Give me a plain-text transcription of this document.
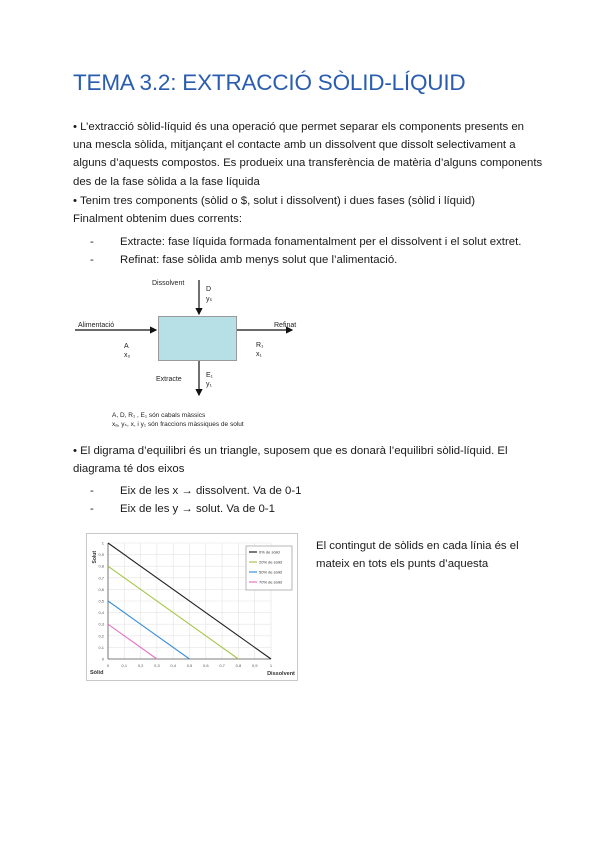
TEMA 3.2: EXTRACCIÓ SÒLID-LÍQUID
• L’extracció sòlid-líquid és una operació que permet separar els components presents en una mescla sòlida, mitjançant el contacte amb un dissolvent que dissolt selectivament a alguns d’aquests compostos. Es produeix una transferència de matèria d’alguns components des de la fase sòlida a la fase líquida
• Tenim tres components (sòlid o $, solut i dissolvent) i dues fases (sòlid i líquid)
Finalment obtenim dues corrents:
- Extracte: fase líquida formada fonamentalment per el dissolvent i el solut extret.
- Refinat: fase sòlida amb menys solut que l’alimentació.
Dissolvent
D
yₛ
Alimentació
A
x₀
Refinat
R₁
x₁
Extracte
E₁
y₁
A, D, R₁ , E₁ són cabals màssics
xₐ, yₛ, x, i y₁ són fraccions màssiques de solut
• El digrama d’equilibri és un triangle, suposem que es donarà l’equilibri sòlid-líquid. El diagrama té dos eixos
- Eix de les x → dissolvent. Va de 0-1
- Eix de les y → solut. Va de 0-1
0	0,1	0,2	0,3	0,4	0,5	0,6	0,7	0,8	0,9	1
0
0,1
0,2
0,3
0,4
0,5
0,6
0,7
0,8
0,9
1
Solut
Dissolvent
Sòlid
0% de sòlid
20% de sòlid
50% de sòlid
70% de sòlid
El contingut de sòlids en cada línia és el mateix en tots els punts d’aquesta
